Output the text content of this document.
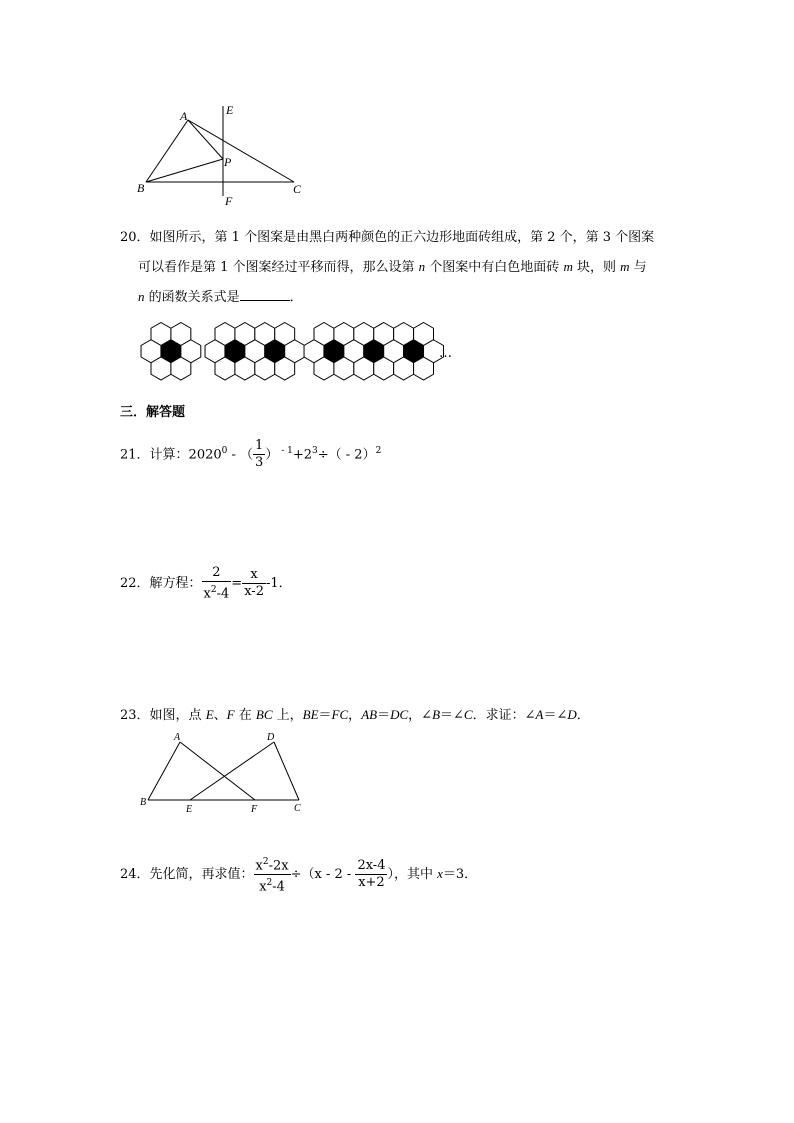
A	E
P
B	C
F
20．如图所示，第 1 个图案是由黑白两种颜色的正六边形地面砖组成，第 2 个，第 3 个图案
可以看作是第 1 个图案经过平移而得，那么设第 n 个图案中有白色地面砖 m 块，则 m 与
n 的函数关系式是	．
…
三．解答题
21．计算：2020$^0$ - （ $\frac{1}{3}$ ） $^{- 1}+2^3\div( - 2)^2$
22．解方程： $\frac{2}{x^2-4} = \frac{x}{x-2} -1$．
23．如图，点 E、F 在 BC 上，BE＝FC，AB＝DC，∠B＝∠C．求证：∠A＝∠D．
A	D
B
E	F	C
24．先化简，再求值： $\frac{x^2-2x}{x^2-4} \div(x - 2 - \frac{2x-4}{x+2}$ ），其中 x＝3．
